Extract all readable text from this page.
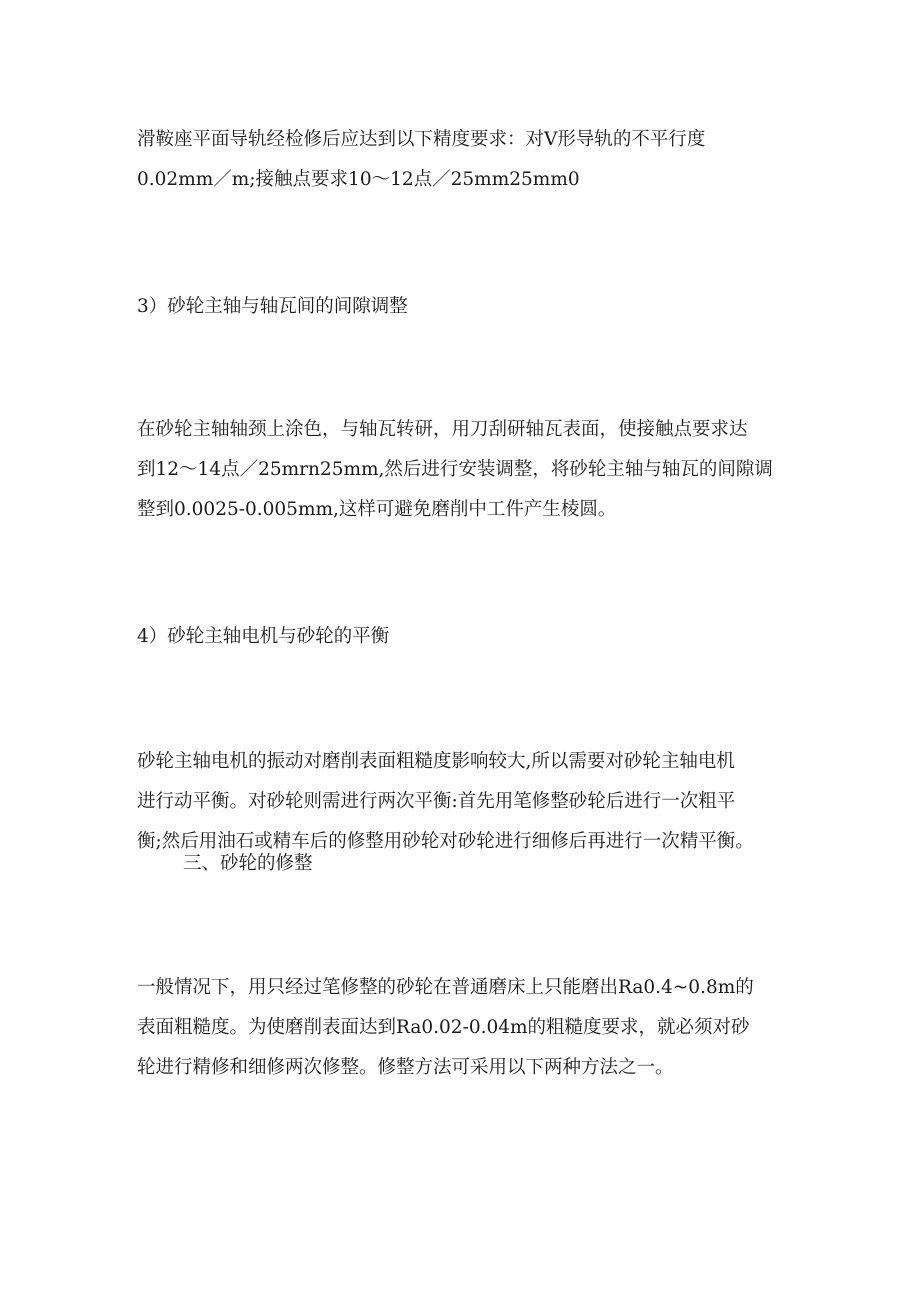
滑鞍座平面导轨经检修后应达到以下精度要求：对V形导轨的不平行度
0.02mm／m;接触点要求10～12点／25mm25mm0

3）砂轮主轴与轴瓦间的间隙调整

在砂轮主轴轴颈上涂色，与轴瓦转研，用刀刮研轴瓦表面，使接触点要求达
到12～14点／25mrn25mm,然后进行安装调整，将砂轮主轴与轴瓦的间隙调
整到0.0025-0.005mm,这样可避免磨削中工件产生棱圆。

4）砂轮主轴电机与砂轮的平衡

砂轮主轴电机的振动对磨削表面粗糙度影响较大,所以需要对砂轮主轴电机
进行动平衡。对砂轮则需进行两次平衡:首先用笔修整砂轮后进行一次粗平
衡;然后用油石或精车后的修整用砂轮对砂轮进行细修后再进行一次精平衡。

三、砂轮的修整

一般情况下，用只经过笔修整的砂轮在普通磨床上只能磨出Ra0.4~0.8m的
表面粗糙度。为使磨削表面达到Ra0.02-0.04m的粗糙度要求，就必须对砂
轮进行精修和细修两次修整。修整方法可采用以下两种方法之一。
